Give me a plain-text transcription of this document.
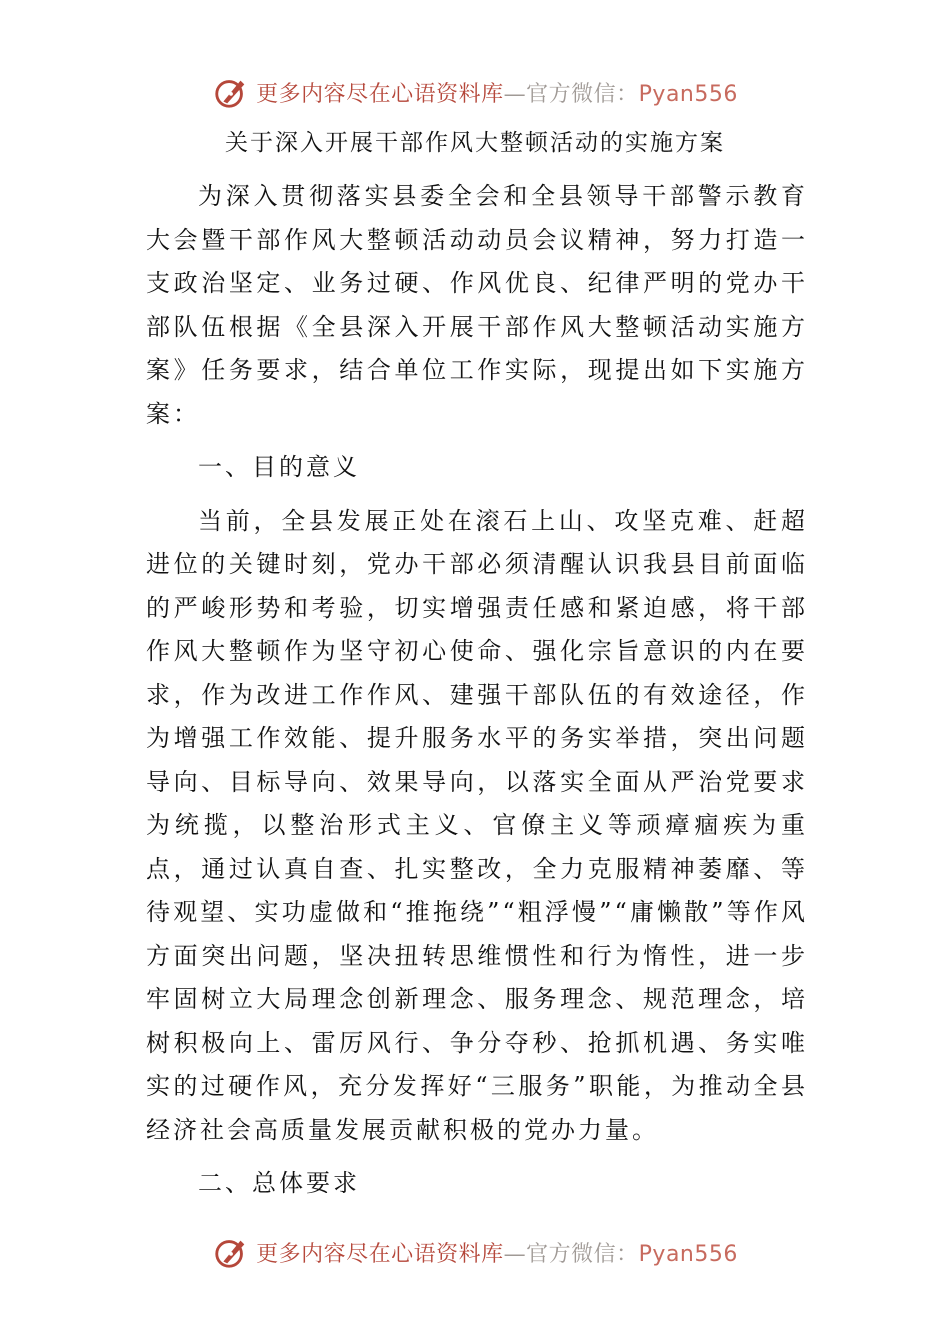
更多内容尽在心语资料库—官方微信：Pyan556
关于深入开展干部作风大整顿活动的实施方案

为深入贯彻落实县委全会和全县领导干部警示教育大会暨干部作风大整顿活动动员会议精神，努力打造一支政治坚定、业务过硬、作风优良、纪律严明的党办干部队伍根据《全县深入开展干部作风大整顿活动实施方案》任务要求，结合单位工作实际，现提出如下实施方案：

一、目的意义

当前，全县发展正处在滚石上山、攻坚克难、赶超进位的关键时刻，党办干部必须清醒认识我县目前面临的严峻形势和考验，切实增强责任感和紧迫感，将干部作风大整顿作为坚守初心使命、强化宗旨意识的内在要求，作为改进工作作风、建强干部队伍的有效途径，作为增强工作效能、提升服务水平的务实举措，突出问题导向、目标导向、效果导向，以落实全面从严治党要求为统揽，以整治形式主义、官僚主义等顽瘴痼疾为重点，通过认真自查、扎实整改，全力克服精神萎靡、等待观望、实功虚做和“推拖绕”“粗浮慢”“庸懒散”等作风方面突出问题，坚决扭转思维惯性和行为惰性，进一步牢固树立大局理念创新理念、服务理念、规范理念，培树积极向上、雷厉风行、争分夺秒、抢抓机遇、务实唯实的过硬作风，充分发挥好“三服务”职能，为推动全县经济社会高质量发展贡献积极的党办力量。

二、总体要求

更多内容尽在心语资料库—官方微信：Pyan556
